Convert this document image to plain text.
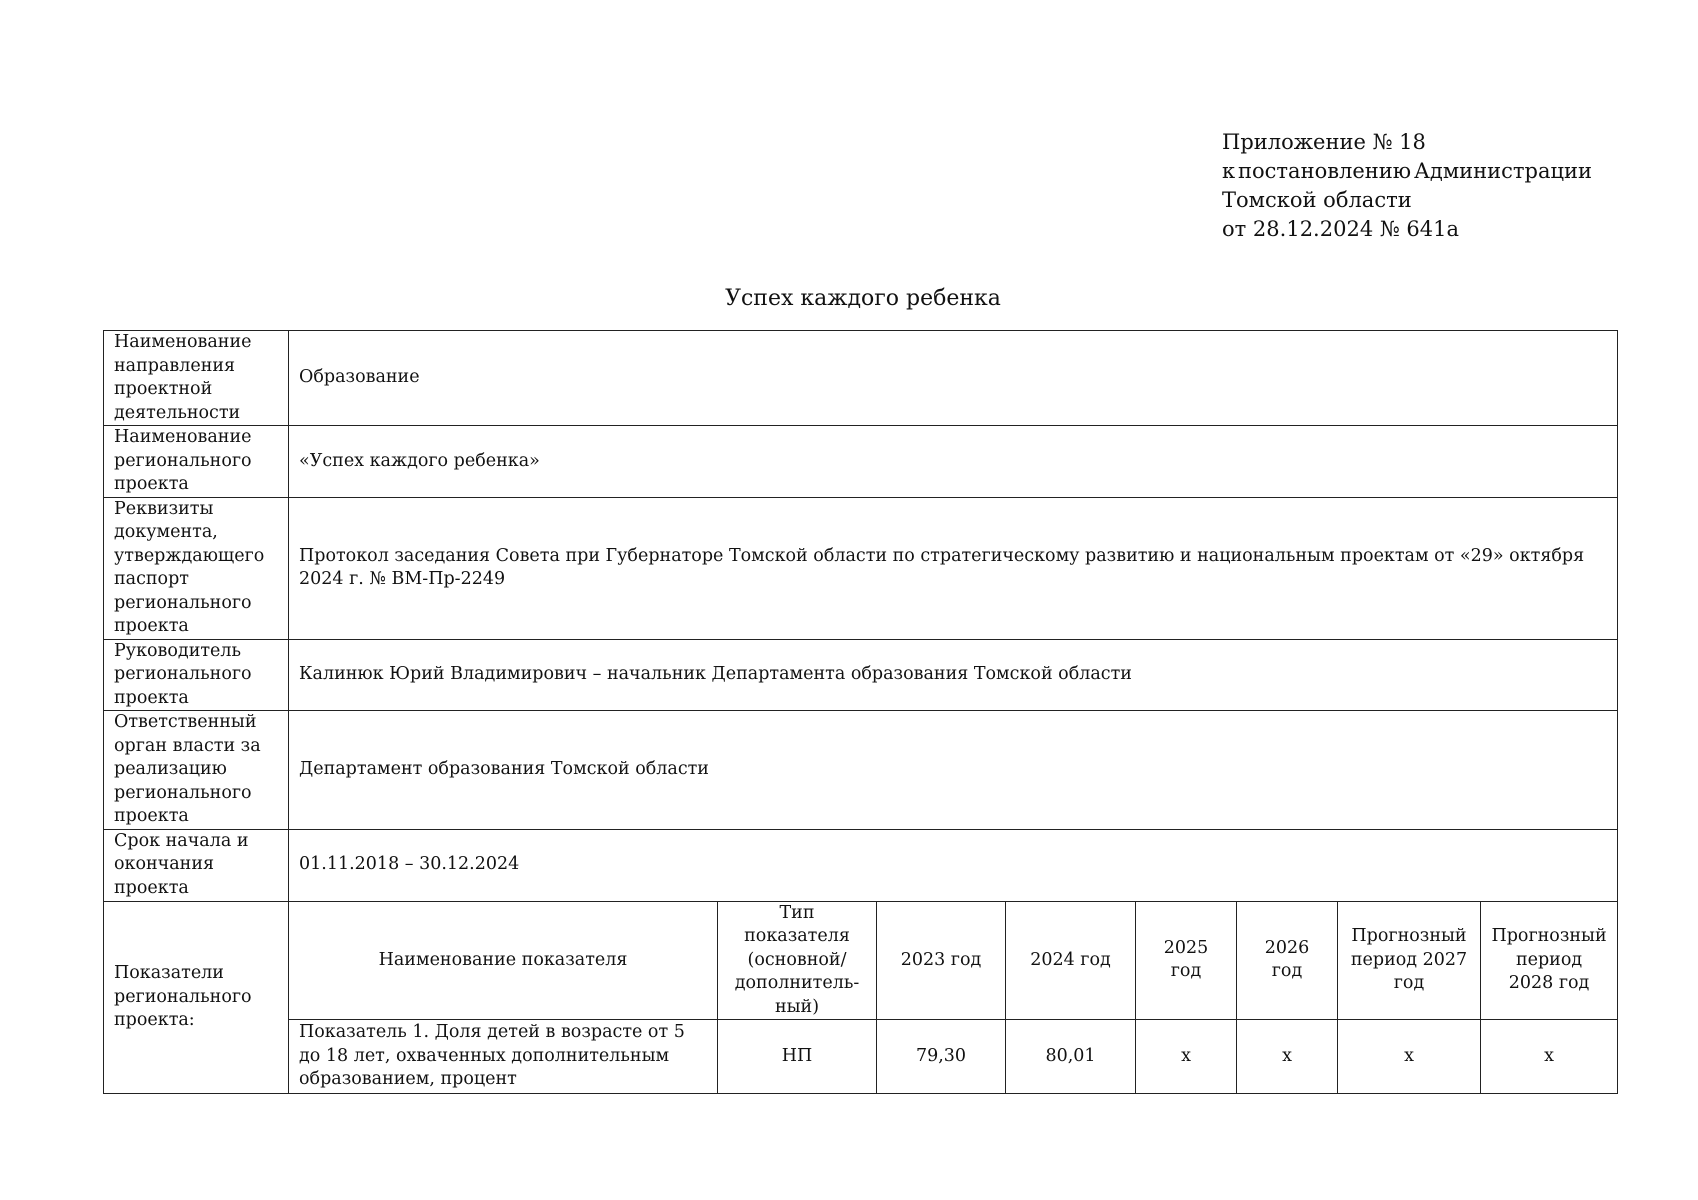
Приложение № 18
к постановлению Администрации
Томской области
от 28.12.2024 № 641а
Успех каждого ребенка
Наименование направления проектной деятельности	Образование							
Наименование регионального проекта	«Успех каждого ребенка»							
Реквизиты документа, утверждающего паспорт регионального проекта	Протокол заседания Совета при Губернаторе Томской области по стратегическому развитию и национальным проектам от «29» октября 2024 г. № ВМ-Пр-2249							
Руководитель регионального проекта	Калинюк Юрий Владимирович – начальник Департамента образования Томской области							
Ответственный орган власти за реализацию регионального проекта	Департамент образования Томской области							
Срок начала и окончания проекта	01.11.2018 – 30.12.2024							
Показатели регионального проекта:	Наименование показателя	Тип показателя (основной/ дополнитель-ный)	2023 год	2024 год	2025 год	2026 год	Прогнозный период 2027 год	Прогнозный период 2028 год
	Показатель 1. Доля детей в возрасте от 5 до 18 лет, охваченных дополнительным образованием, процент	НП	79,30	80,01	x	x	x	x
